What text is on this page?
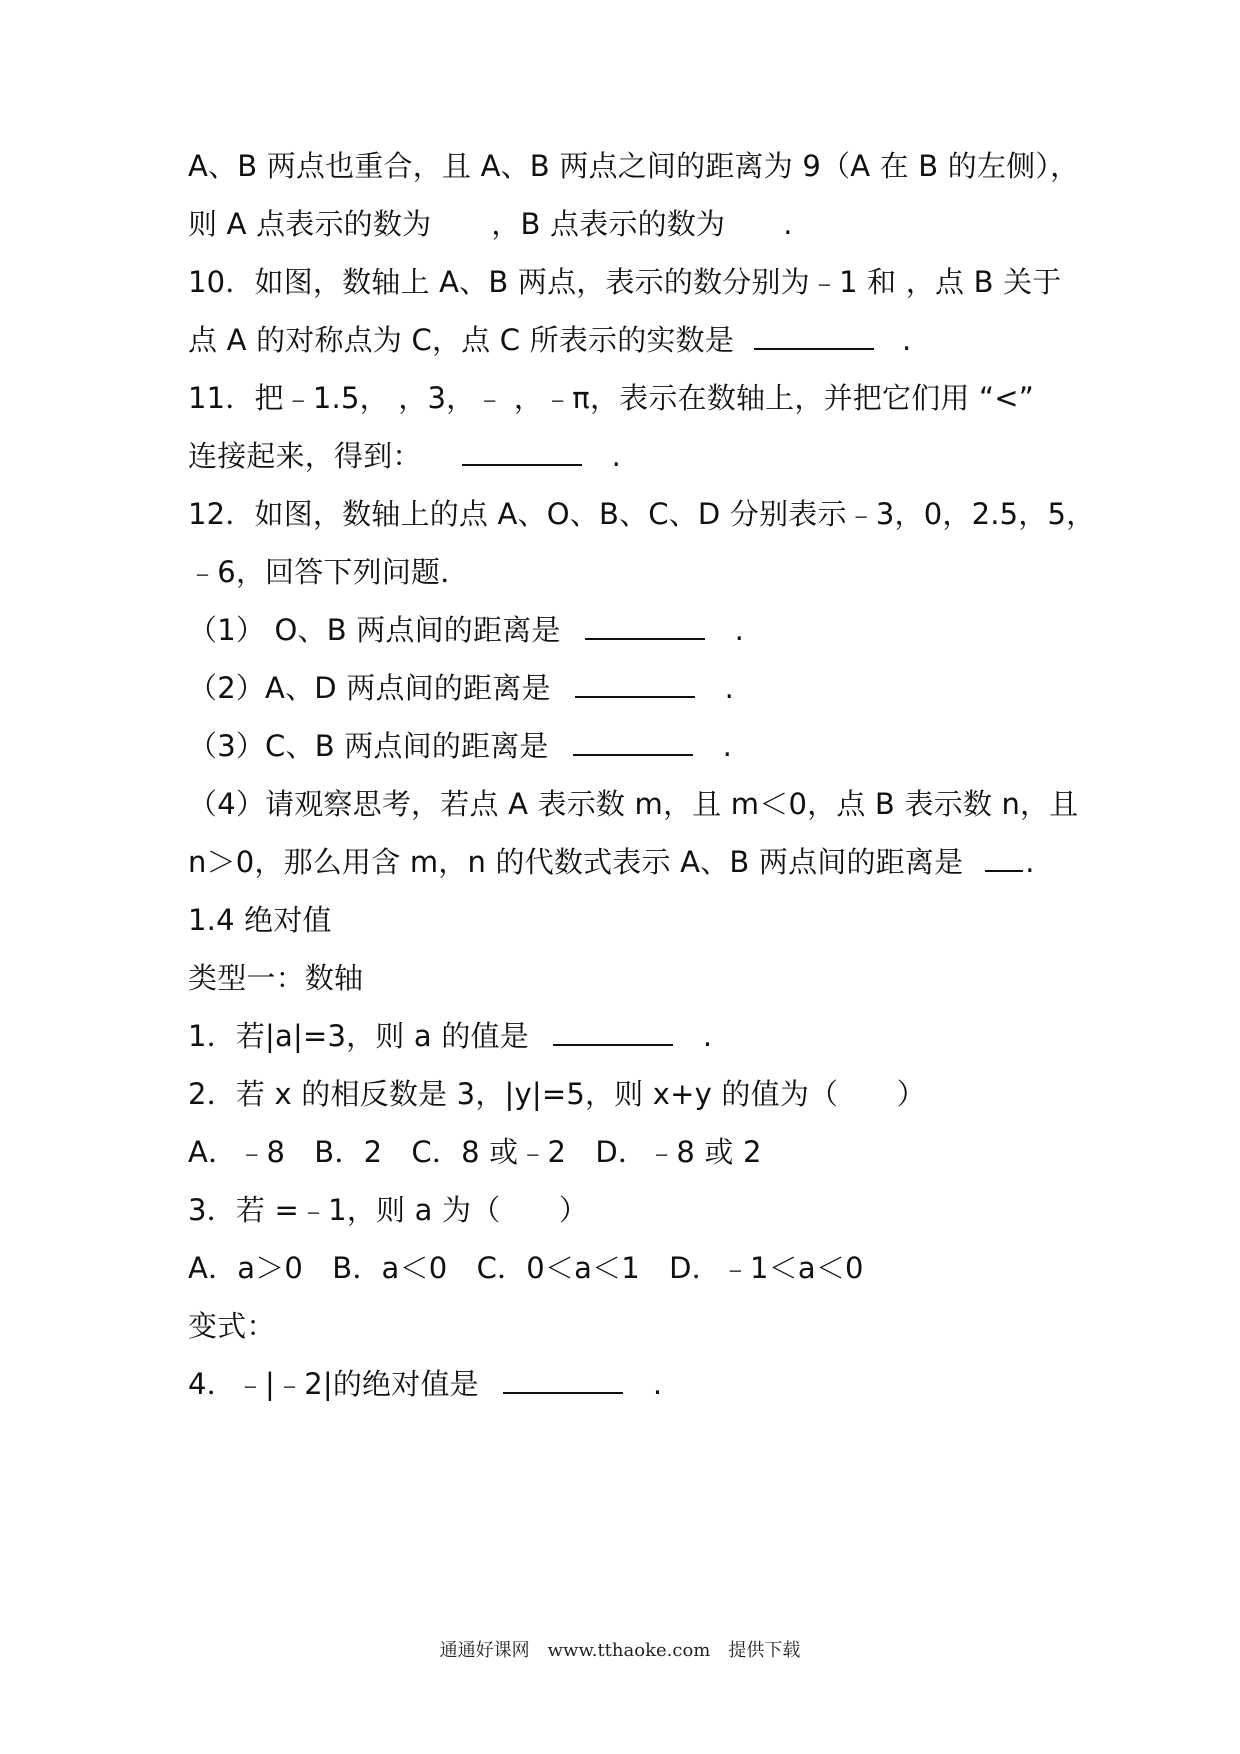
A、B 两点也重合，且 A、B 两点之间的距离为 9（A 在 B 的左侧），
则 A 点表示的数为 ，B 点表示的数为 .
10．如图，数轴上 A、B 两点，表示的数分别为﹣1 和 ，点 B 关于
点 A 的对称点为 C，点 C 所表示的实数是	.
11．把﹣1.5， ，3，﹣ ，﹣π，表示在数轴上，并把它们用 “<”
连接起来，得到：	.
12．如图，数轴上的点 A、O、B、C、D 分别表示﹣3，0，2.5，5，
﹣6，回答下列问题．
（1） O、B 两点间的距离是	.
（2）A、D 两点间的距离是	.
（3）C、B 两点间的距离是	.
（4）请观察思考，若点 A 表示数 m，且 m＜0，点 B 表示数 n，且
n＞0，那么用含 m，n 的代数式表示 A、B 两点间的距离是 .
1.4 绝对值
类型一：数轴
1．若|a|=3，则 a 的值是	.
2．若 x 的相反数是 3，|y|=5，则 x+y 的值为（　　）
A．﹣8　B．2　C．8 或﹣2　D．﹣8 或 2
3．若 =﹣1，则 a 为（　　）
A．a＞0　B．a＜0　C．0＜a＜1　D．﹣1＜a＜0
变式：
4．﹣|﹣2|的绝对值是	.
通通好课网　www.tthaoke.com　提供下载
